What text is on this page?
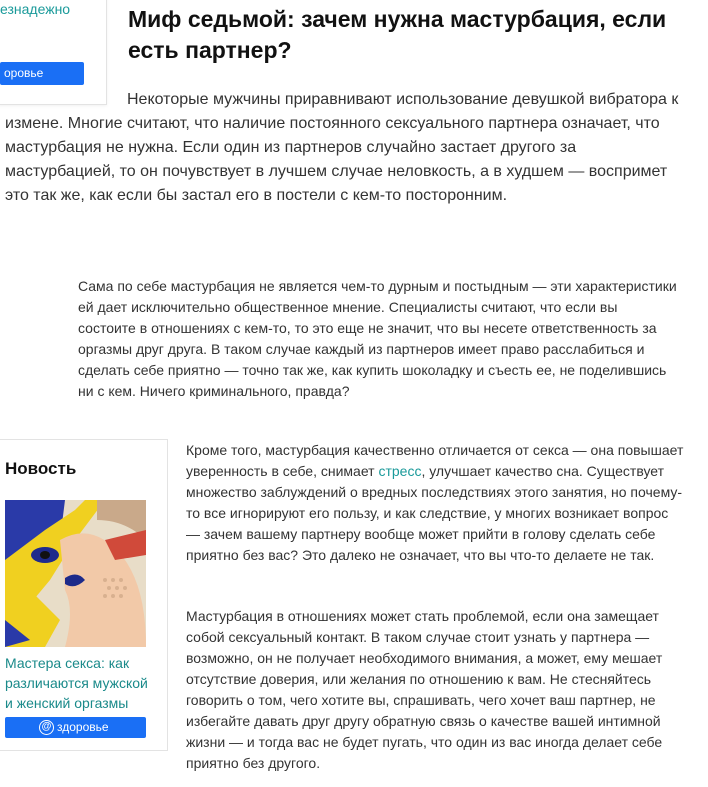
езнадежно
оровье
Миф седьмой: зачем нужна мастурбация, если есть партнер?

Некоторые мужчины приравнивают использование девушкой вибратора к измене. Многие считают, что наличие постоянного сексуального партнера означает, что мастурбация не нужна. Если один из партнеров случайно застает другого за мастурбацией, то он почувствует в лучшем случае неловкость, а в худшем — воспримет это так же, как если бы застал его в постели с кем-то посторонним.

Сама по себе мастурбация не является чем-то дурным и постыдным — эти характеристики ей дает исключительно общественное мнение. Специалисты считают, что если вы состоите в отношениях с кем-то, то это еще не значит, что вы несете ответственность за оргазмы друг друга. В таком случае каждый из партнеров имеет право расслабиться и сделать себе приятно — точно так же, как купить шоколадку и съесть ее, не поделившись ни с кем. Ничего криминального, правда?

Новость
Мастера секса: как различаются мужской и женский оргазмы
@ здоровье

Кроме того, мастурбация качественно отличается от секса — она повышает уверенность в себе, снимает стресс, улучшает качество сна. Существует множество заблуждений о вредных последствиях этого занятия, но почему-то все игнорируют его пользу, и как следствие, у многих возникает вопрос — зачем вашему партнеру вообще может прийти в голову сделать себе приятно без вас? Это далеко не означает, что вы что-то делаете не так.

Мастурбация в отношениях может стать проблемой, если она замещает собой сексуальный контакт. В таком случае стоит узнать у партнера — возможно, он не получает необходимого внимания, а может, ему мешает отсутствие доверия, или желания по отношению к вам. Не стесняйтесь говорить о том, чего хотите вы, спрашивать, чего хочет ваш партнер, не избегайте давать друг другу обратную связь о качестве вашей интимной жизни — и тогда вас не будет пугать, что один из вас иногда делает себе приятно без другого.
